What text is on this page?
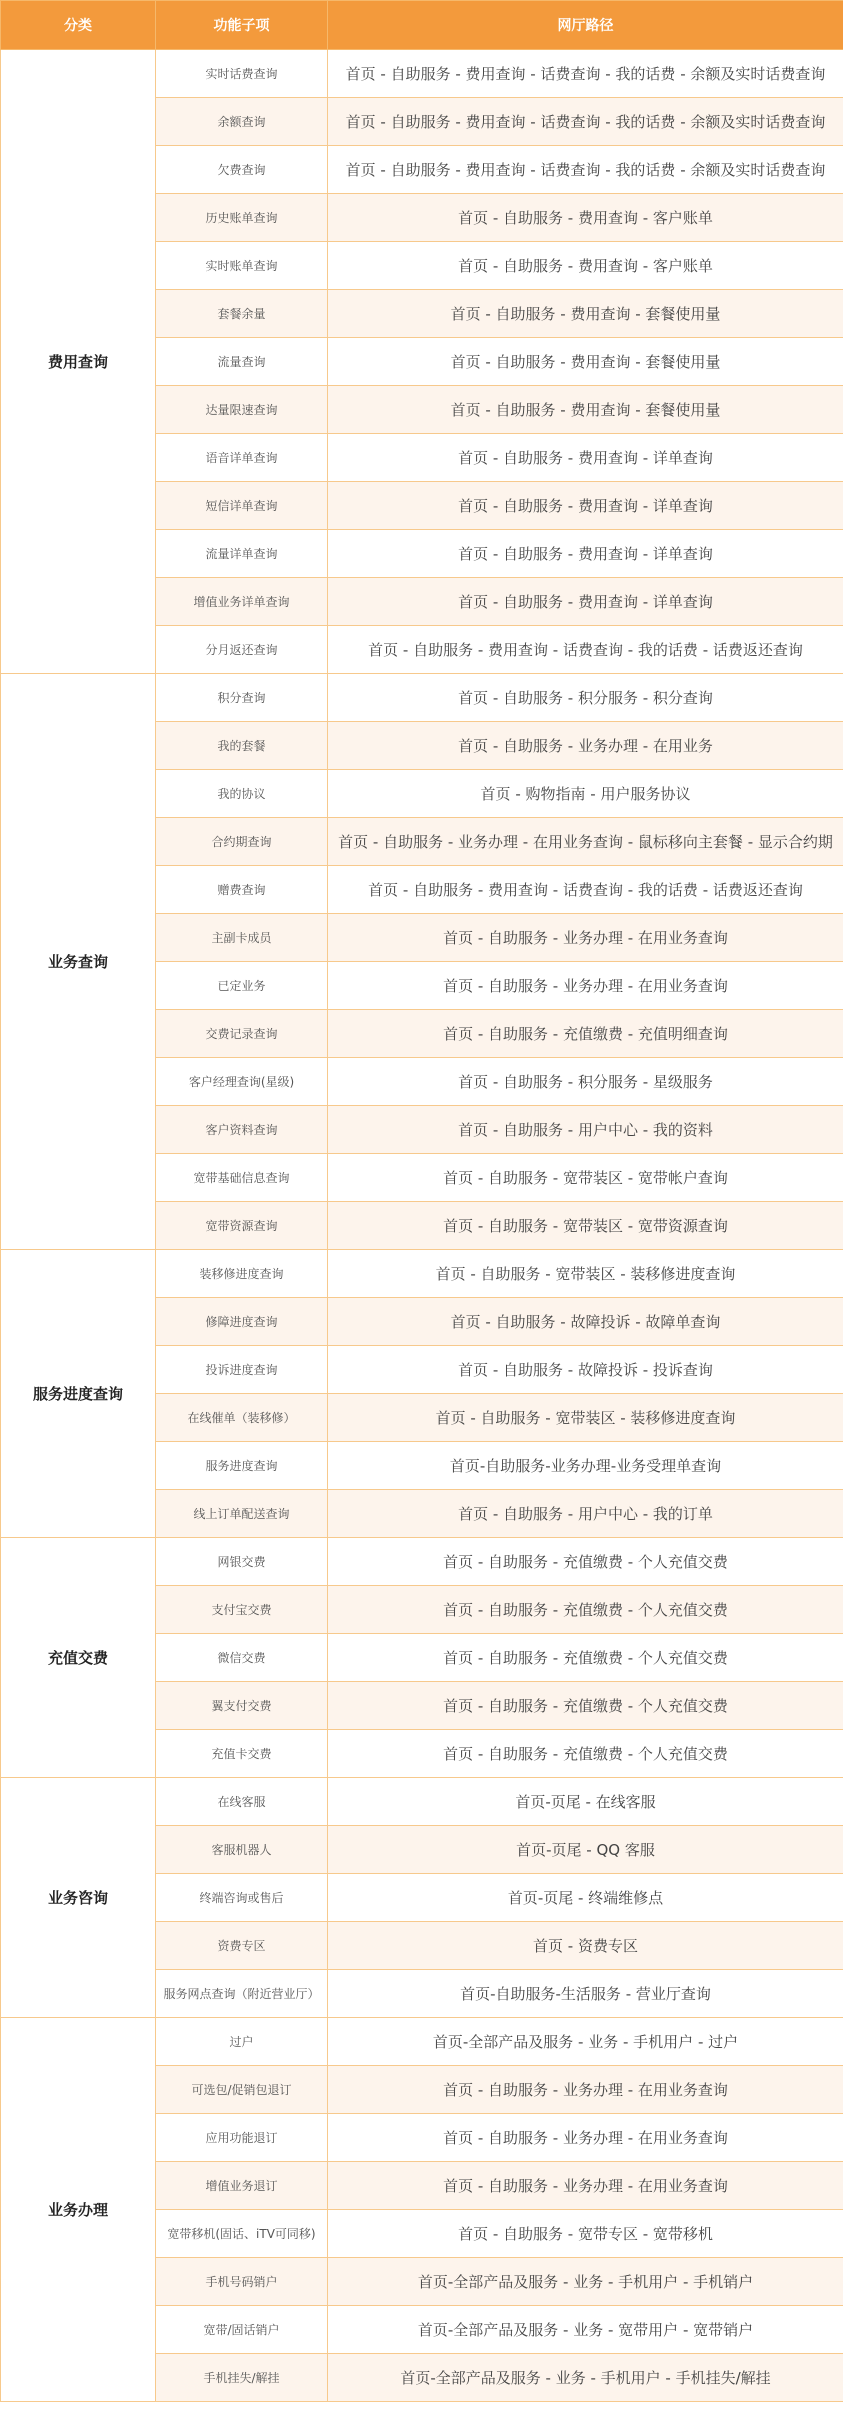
分类	功能子项	网厅路径
费用查询	实时话费查询	首页 - 自助服务 - 费用查询 - 话费查询 - 我的话费 - 余额及实时话费查询
	余额查询	首页 - 自助服务 - 费用查询 - 话费查询 - 我的话费 - 余额及实时话费查询
	欠费查询	首页 - 自助服务 - 费用查询 - 话费查询 - 我的话费 - 余额及实时话费查询
	历史账单查询	首页 - 自助服务 - 费用查询 - 客户账单
	实时账单查询	首页 - 自助服务 - 费用查询 - 客户账单
	套餐余量	首页 - 自助服务 - 费用查询 - 套餐使用量
	流量查询	首页 - 自助服务 - 费用查询 - 套餐使用量
	达量限速查询	首页 - 自助服务 - 费用查询 - 套餐使用量
	语音详单查询	首页 - 自助服务 - 费用查询 - 详单查询
	短信详单查询	首页 - 自助服务 - 费用查询 - 详单查询
	流量详单查询	首页 - 自助服务 - 费用查询 - 详单查询
	增值业务详单查询	首页 - 自助服务 - 费用查询 - 详单查询
	分月返还查询	首页 - 自助服务 - 费用查询 - 话费查询 - 我的话费 - 话费返还查询
业务查询	积分查询	首页 - 自助服务 - 积分服务 - 积分查询
	我的套餐	首页 - 自助服务 - 业务办理 - 在用业务
	我的协议	首页 - 购物指南 - 用户服务协议
	合约期查询	首页 - 自助服务 - 业务办理 - 在用业务查询 - 鼠标移向主套餐 - 显示合约期
	赠费查询	首页 - 自助服务 - 费用查询 - 话费查询 - 我的话费 - 话费返还查询
	主副卡成员	首页 - 自助服务 - 业务办理 - 在用业务查询
	已定业务	首页 - 自助服务 - 业务办理 - 在用业务查询
	交费记录查询	首页 - 自助服务 - 充值缴费 - 充值明细查询
	客户经理查询(星级)	首页 - 自助服务 - 积分服务 - 星级服务
	客户资料查询	首页 - 自助服务 - 用户中心 - 我的资料
	宽带基础信息查询	首页 - 自助服务 - 宽带装区 - 宽带帐户查询
	宽带资源查询	首页 - 自助服务 - 宽带装区 - 宽带资源查询
服务进度查询	装移修进度查询	首页 - 自助服务 - 宽带装区 - 装移修进度查询
	修障进度查询	首页 - 自助服务 - 故障投诉 - 故障单查询
	投诉进度查询	首页 - 自助服务 - 故障投诉 - 投诉查询
	在线催单（装移修）	首页 - 自助服务 - 宽带装区 - 装移修进度查询
	服务进度查询	首页-自助服务-业务办理-业务受理单查询
	线上订单配送查询	首页 - 自助服务 - 用户中心 - 我的订单
充值交费	网银交费	首页 - 自助服务 - 充值缴费 - 个人充值交费
	支付宝交费	首页 - 自助服务 - 充值缴费 - 个人充值交费
	微信交费	首页 - 自助服务 - 充值缴费 - 个人充值交费
	翼支付交费	首页 - 自助服务 - 充值缴费 - 个人充值交费
	充值卡交费	首页 - 自助服务 - 充值缴费 - 个人充值交费
业务咨询	在线客服	首页-页尾 - 在线客服
	客服机器人	首页-页尾 - QQ 客服
	终端咨询或售后	首页-页尾 - 终端维修点
	资费专区	首页 - 资费专区
	服务网点查询（附近营业厅）	首页-自助服务-生活服务 - 营业厅查询
业务办理	过户	首页-全部产品及服务 - 业务 - 手机用户 - 过户
	可选包/促销包退订	首页 - 自助服务 - 业务办理 - 在用业务查询
	应用功能退订	首页 - 自助服务 - 业务办理 - 在用业务查询
	增值业务退订	首页 - 自助服务 - 业务办理 - 在用业务查询
	宽带移机(固话、iTV可同移)	首页 - 自助服务 - 宽带专区 - 宽带移机
	手机号码销户	首页-全部产品及服务 - 业务 - 手机用户 - 手机销户
	宽带/固话销户	首页-全部产品及服务 - 业务 - 宽带用户 - 宽带销户
	手机挂失/解挂	首页-全部产品及服务 - 业务 - 手机用户 - 手机挂失/解挂
